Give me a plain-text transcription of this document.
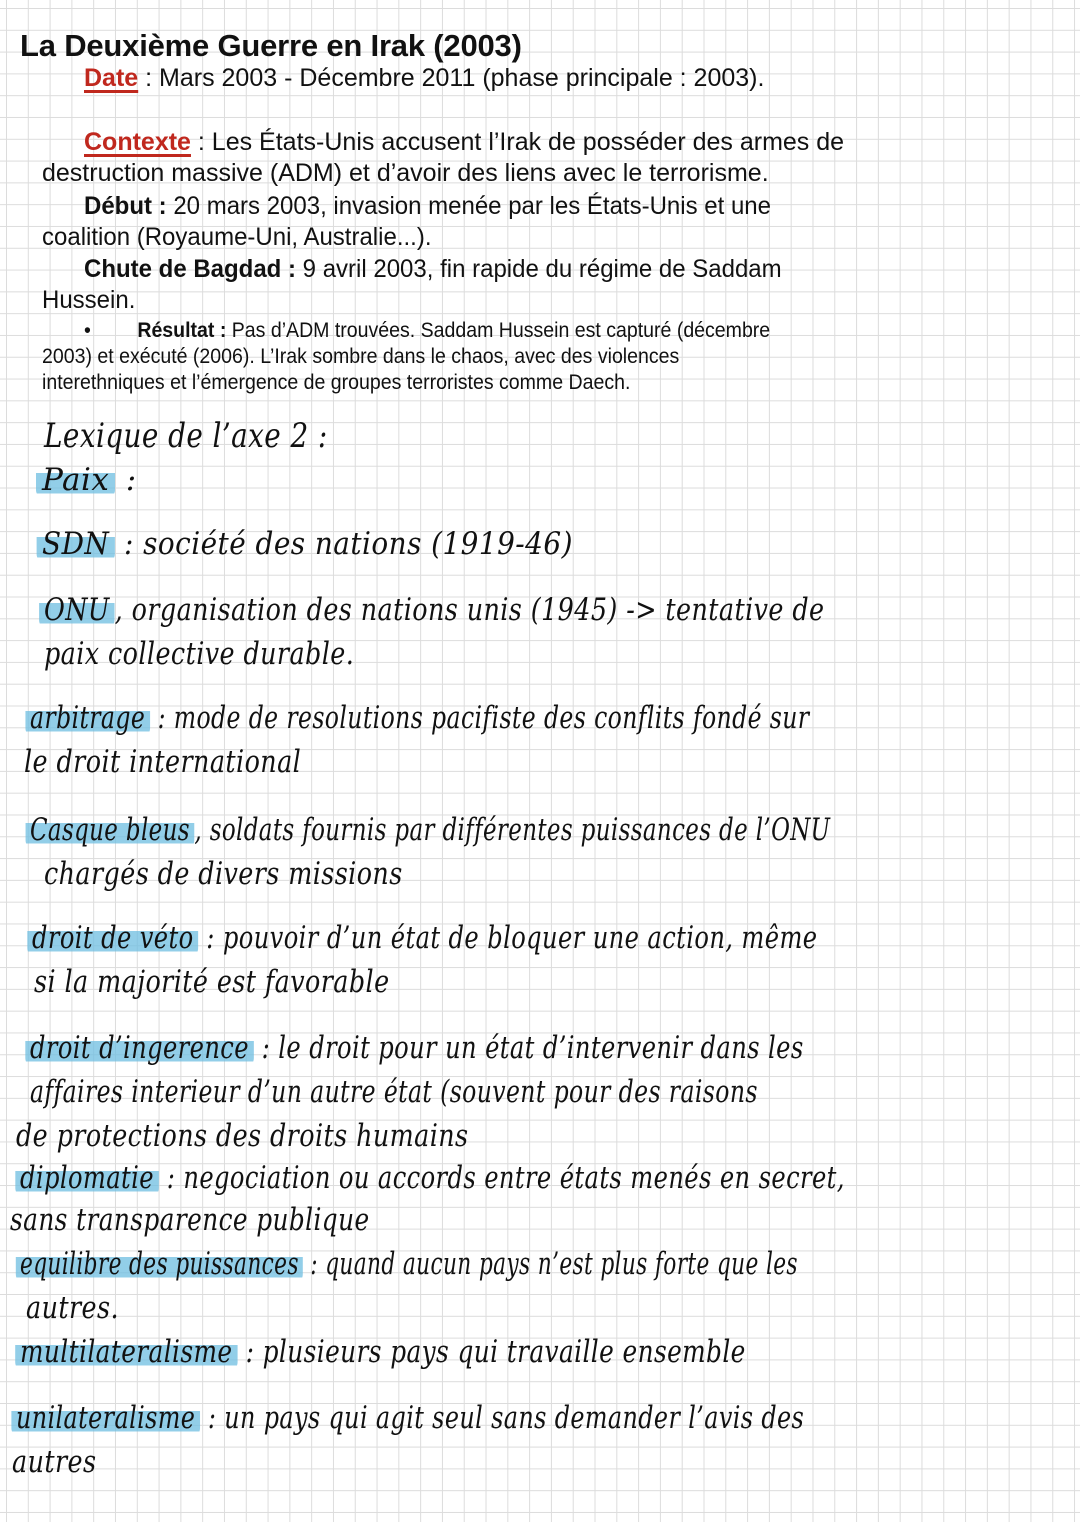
La Deuxième Guerre en Irak (2003)
Date : Mars 2003 - Décembre 2011 (phase principale : 2003).
Contexte : Les États-Unis accusent l’Irak de posséder des armes de
destruction massive (ADM) et d’avoir des liens avec le terrorisme.
Début : 20 mars 2003, invasion menée par les États-Unis et une
coalition (Royaume-Uni, Australie...).
Chute de Bagdad : 9 avril 2003, fin rapide du régime de Saddam
Hussein.
• Résultat : Pas d’ADM trouvées. Saddam Hussein est capturé (décembre
2003) et exécuté (2006). L’Irak sombre dans le chaos, avec des violences
interethniques et l’émergence de groupes terroristes comme Daech.
Lexique de l’axe 2 :
Paix :
SDN : société des nations (1919-46)
ONU , organisation des nations unis (1945) -> tentative de
paix collective durable.
arbitrage : mode de resolutions pacifiste des conflits fondé sur
le droit international
Casque bleus , soldats fournis par différentes puissances de l’ONU
chargés de divers missions
droit de véto : pouvoir d’un état de bloquer une action, même
si la majorité est favorable
droit d’ingerence : le droit pour un état d’intervenir dans les
affaires interieur d’un autre état (souvent pour des raisons
de protections des droits humains
diplomatie : negociation ou accords entre états menés en secret,
sans transparence publique
equilibre des puissances : quand aucun pays n’est plus forte que les
autres.
multilateralisme : plusieurs pays qui travaille ensemble
unilateralisme : un pays qui agit seul sans demander l’avis des
autres
